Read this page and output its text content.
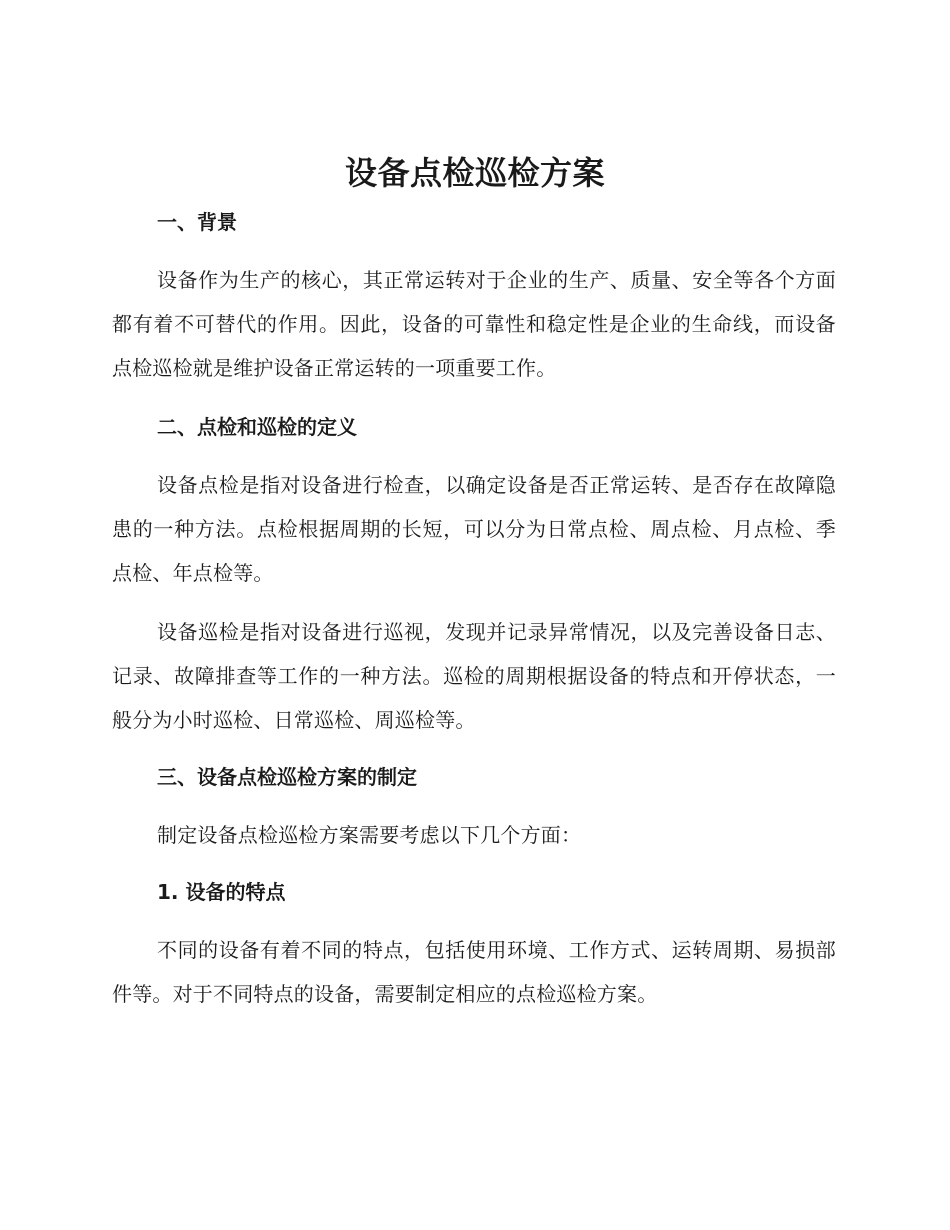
设备点检巡检方案
一、背景

设备作为生产的核心，其正常运转对于企业的生产、质量、安全等各个方面都有着不可替代的作用。因此，设备的可靠性和稳定性是企业的生命线，而设备点检巡检就是维护设备正常运转的一项重要工作。

二、点检和巡检的定义

设备点检是指对设备进行检查，以确定设备是否正常运转、是否存在故障隐患的一种方法。点检根据周期的长短，可以分为日常点检、周点检、月点检、季点检、年点检等。

设备巡检是指对设备进行巡视，发现并记录异常情况，以及完善设备日志、记录、故障排查等工作的一种方法。巡检的周期根据设备的特点和开停状态，一般分为小时巡检、日常巡检、周巡检等。

三、设备点检巡检方案的制定

制定设备点检巡检方案需要考虑以下几个方面：

1. 设备的特点

不同的设备有着不同的特点，包括使用环境、工作方式、运转周期、易损部件等。对于不同特点的设备，需要制定相应的点检巡检方案。
